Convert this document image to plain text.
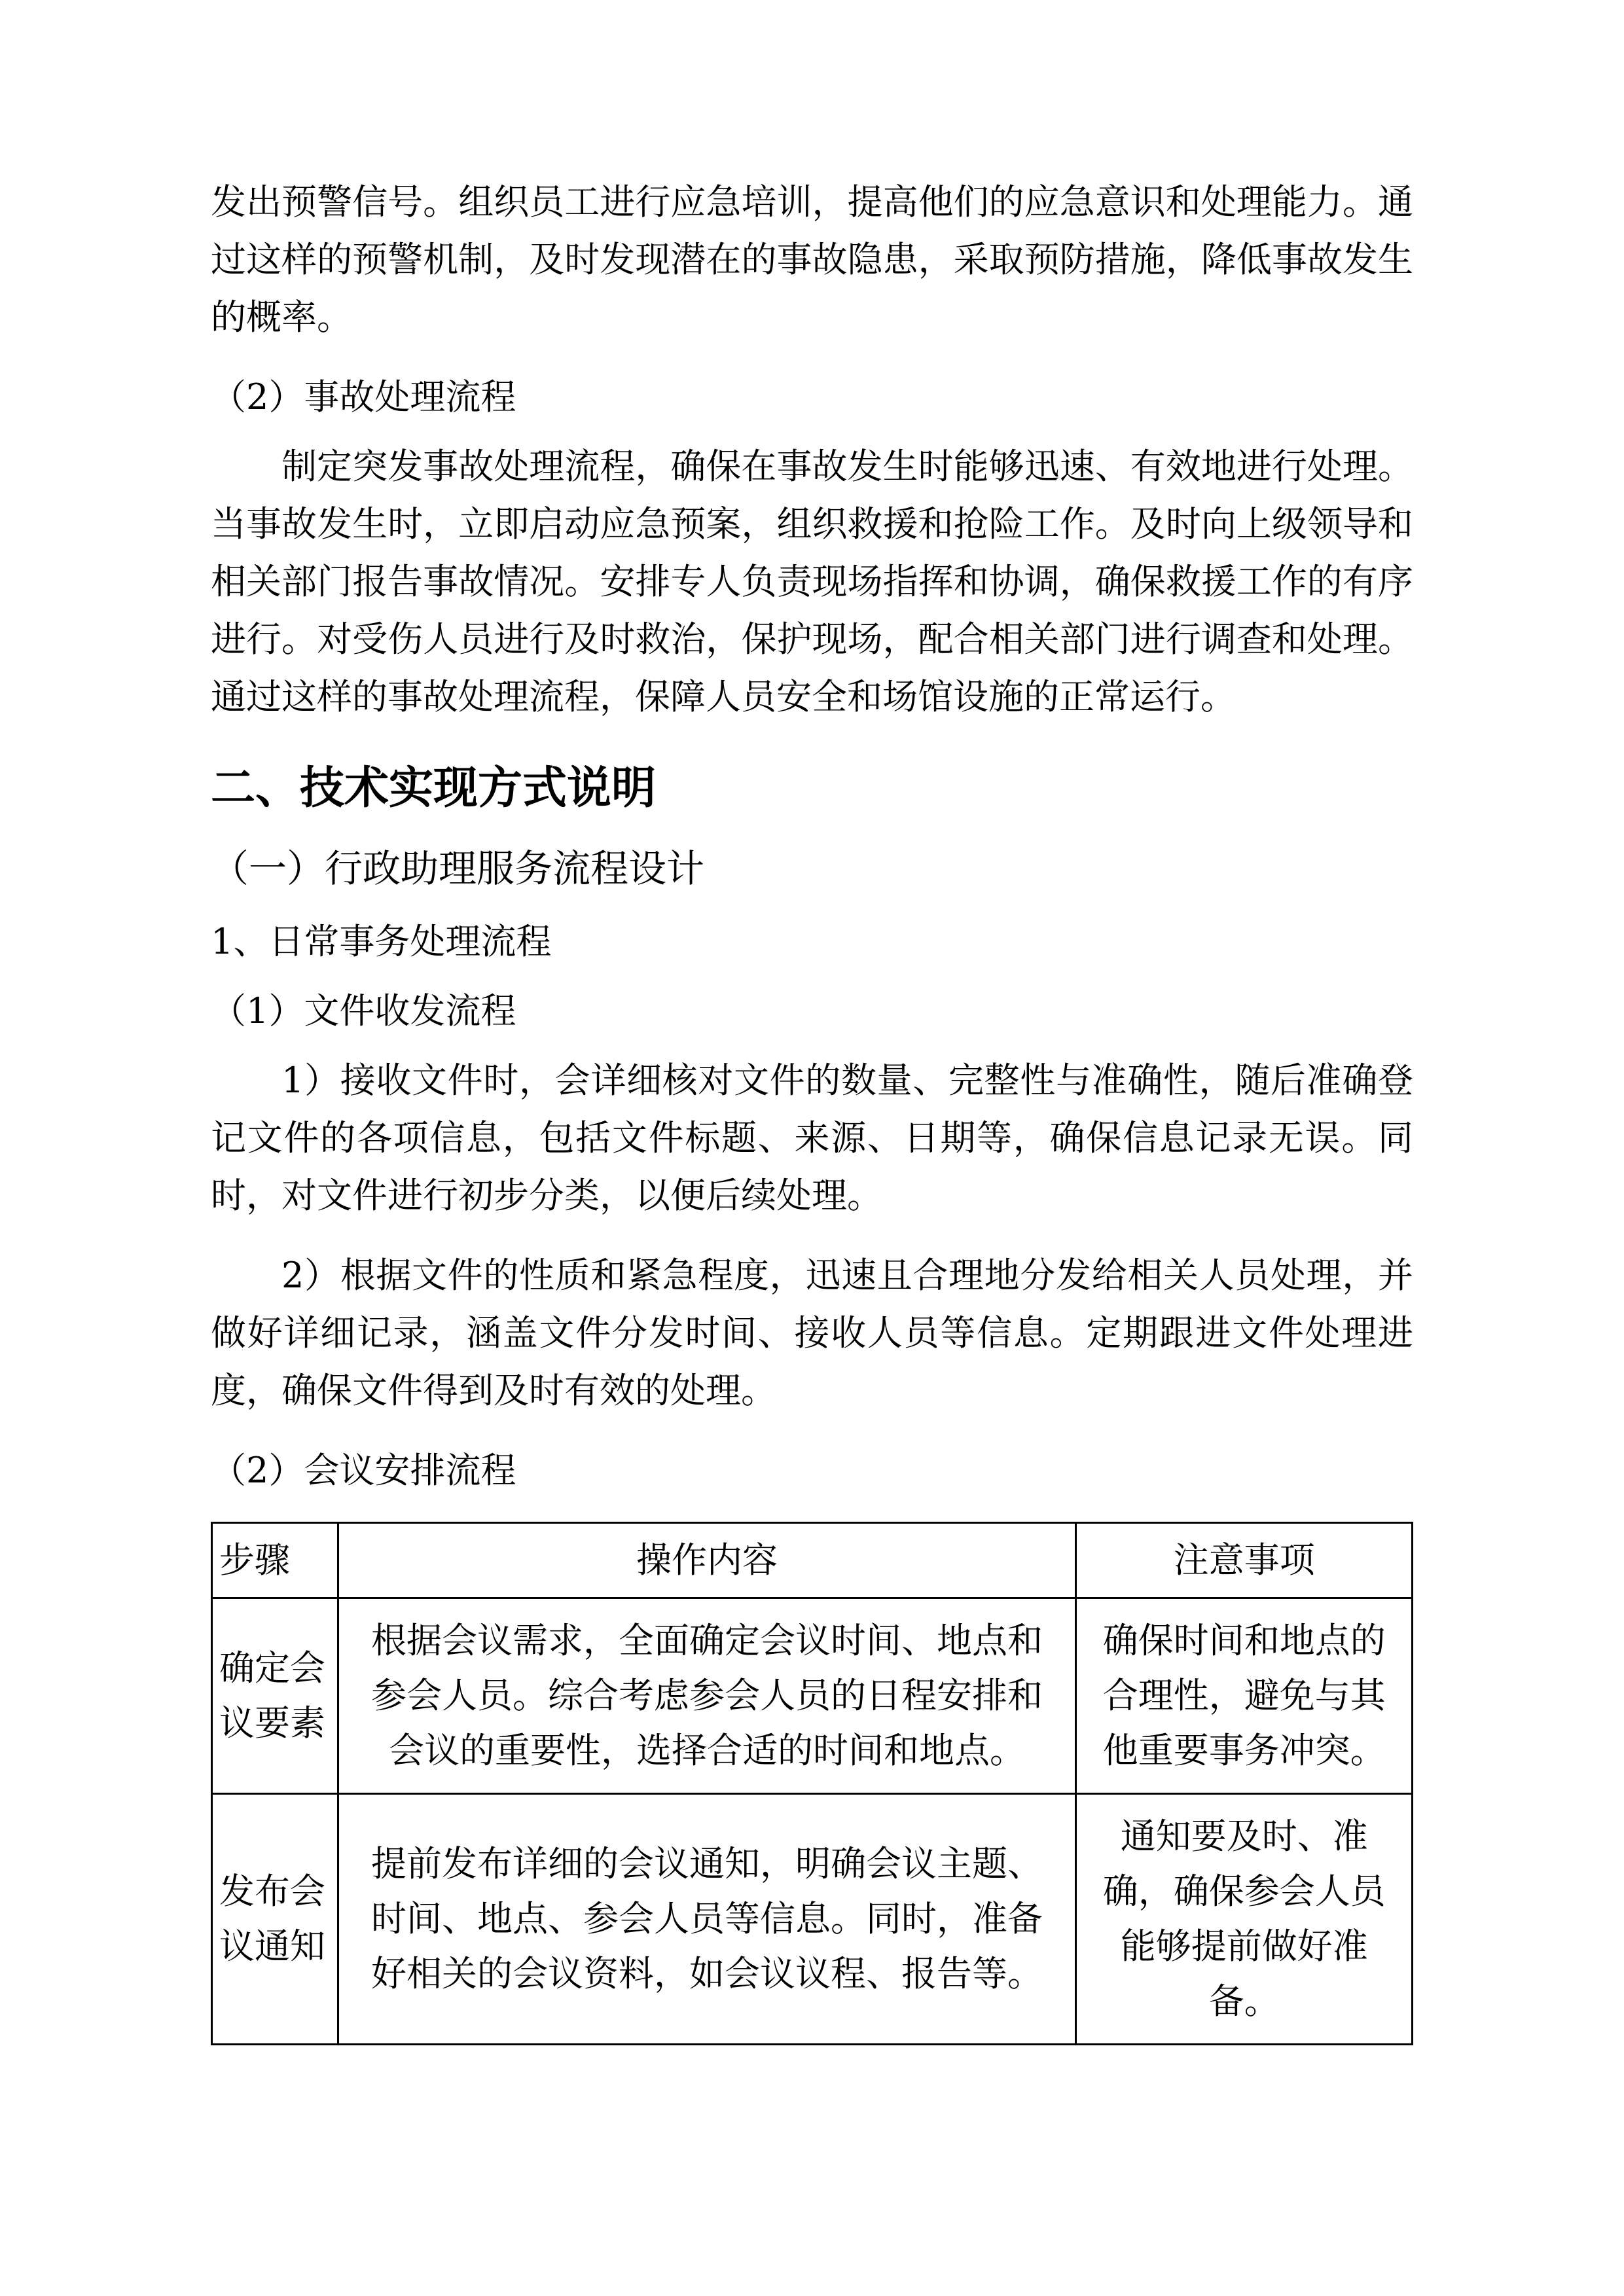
发出预警信号。组织员工进行应急培训，提高他们的应急意识和处理能力。通过这样的预警机制，及时发现潜在的事故隐患，采取预防措施，降低事故发生的概率。

（2）事故处理流程

制定突发事故处理流程，确保在事故发生时能够迅速、有效地进行处理。当事故发生时，立即启动应急预案，组织救援和抢险工作。及时向上级领导和相关部门报告事故情况。安排专人负责现场指挥和协调，确保救援工作的有序进行。对受伤人员进行及时救治，保护现场，配合相关部门进行调查和处理。通过这样的事故处理流程，保障人员安全和场馆设施的正常运行。

二、技术实现方式说明
（一）行政助理服务流程设计

1、日常事务处理流程

（1）文件收发流程

1）接收文件时，会详细核对文件的数量、完整性与准确性，随后准确登记文件的各项信息，包括文件标题、来源、日期等，确保信息记录无误。同时，对文件进行初步分类，以便后续处理。

2）根据文件的性质和紧急程度，迅速且合理地分发给相关人员处理，并做好详细记录，涵盖文件分发时间、接收人员等信息。定期跟进文件处理进度，确保文件得到及时有效的处理。

（2）会议安排流程

步骤	操作内容	注意事项
确定会议要素	根据会议需求，全面确定会议时间、地点和参会人员。综合考虑参会人员的日程安排和会议的重要性，选择合适的时间和地点。	确保时间和地点的合理性，避免与其他重要事务冲突。
发布会议通知	提前发布详细的会议通知，明确会议主题、时间、地点、参会人员等信息。同时，准备好相关的会议资料，如会议议程、报告等。	通知要及时、准确，确保参会人员能够提前做好准备。
